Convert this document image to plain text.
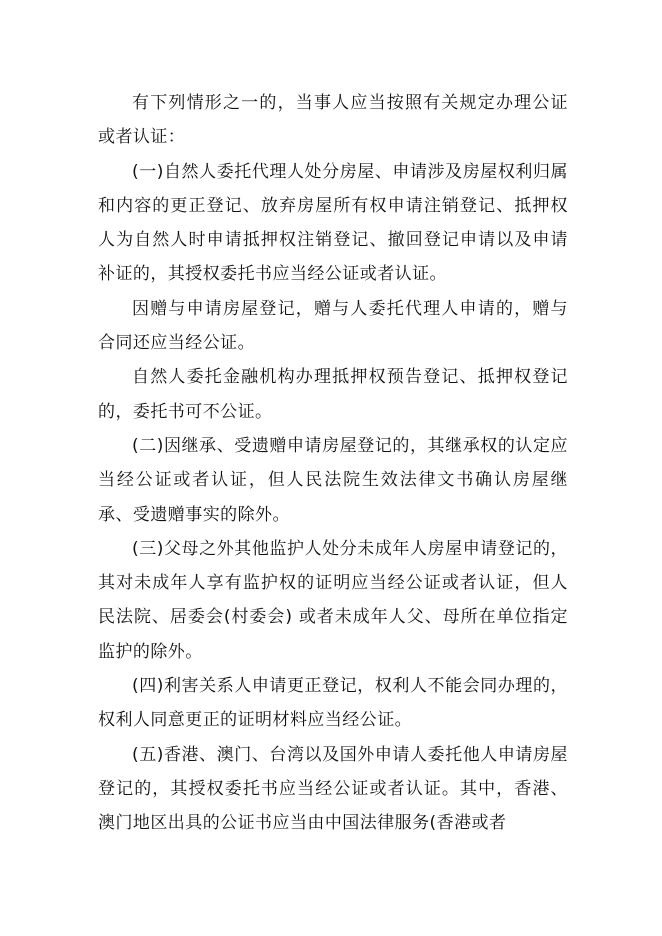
有下列情形之一的，当事人应当按照有关规定办理公证或者认证：

(一)自然人委托代理人处分房屋、申请涉及房屋权利归属和内容的更正登记、放弃房屋所有权申请注销登记、抵押权人为自然人时申请抵押权注销登记、撤回登记申请以及申请补证的，其授权委托书应当经公证或者认证。

因赠与申请房屋登记，赠与人委托代理人申请的，赠与合同还应当经公证。

自然人委托金融机构办理抵押权预告登记、抵押权登记的，委托书可不公证。

(二)因继承、受遗赠申请房屋登记的，其继承权的认定应当经公证或者认证，但人民法院生效法律文书确认房屋继承、受遗赠事实的除外。

(三)父母之外其他监护人处分未成年人房屋申请登记的，其对未成年人享有监护权的证明应当经公证或者认证，但人民法院、居委会(村委会) 或者未成年人父、母所在单位指定监护的除外。

(四)利害关系人申请更正登记，权利人不能会同办理的，权利人同意更正的证明材料应当经公证。

(五)香港、澳门、台湾以及国外申请人委托他人申请房屋登记的，其授权委托书应当经公证或者认证。其中，香港、澳门地区出具的公证书应当由中国法律服务(香港或者
